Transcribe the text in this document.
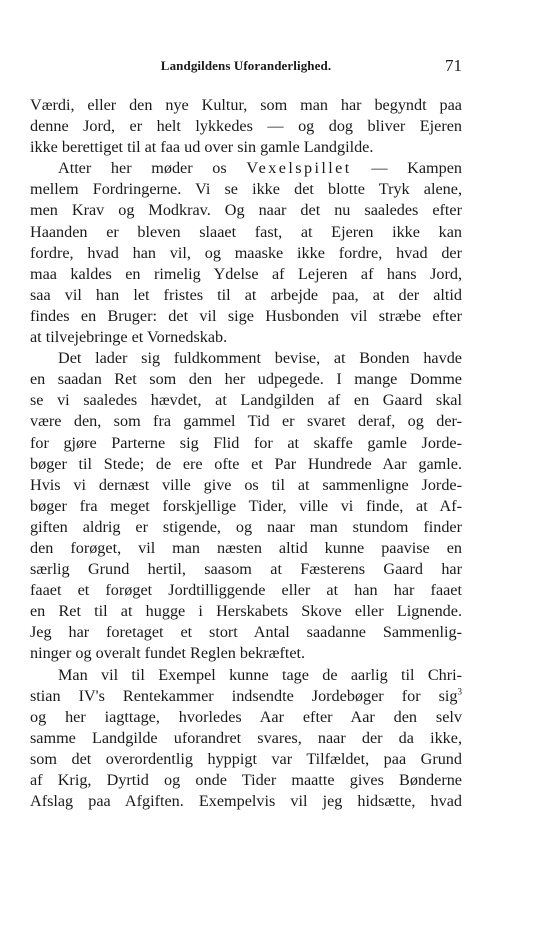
Landgildens Uforanderlighed.	71
Værdi, eller den nye Kultur, som man har begyndt paa
denne Jord, er helt lykkedes — og dog bliver Ejeren
ikke berettiget til at faa ud over sin gamle Landgilde.
Atter her møder os Vexelspillet — Kampen
mellem Fordringerne. Vi se ikke det blotte Tryk alene,
men Krav og Modkrav. Og naar det nu saaledes efter
Haanden er bleven slaaet fast, at Ejeren ikke kan
fordre, hvad han vil, og maaske ikke fordre, hvad der
maa kaldes en rimelig Ydelse af Lejeren af hans Jord,
saa vil han let fristes til at arbejde paa, at der altid
findes en Bruger: det vil sige Husbonden vil stræbe efter
at tilvejebringe et Vornedskab.
Det lader sig fuldkomment bevise, at Bonden havde
en saadan Ret som den her udpegede. I mange Domme
se vi saaledes hævdet, at Landgilden af en Gaard skal
være den, som fra gammel Tid er svaret deraf, og der-
for gjøre Parterne sig Flid for at skaffe gamle Jorde-
bøger til Stede; de ere ofte et Par Hundrede Aar gamle.
Hvis vi dernæst ville give os til at sammenligne Jorde-
bøger fra meget forskjellige Tider, ville vi finde, at Af-
giften aldrig er stigende, og naar man stundom finder
den forøget, vil man næsten altid kunne paavise en
særlig Grund hertil, saasom at Fæsterens Gaard har
faaet et forøget Jordtilliggende eller at han har faaet
en Ret til at hugge i Herskabets Skove eller Lignende.
Jeg har foretaget et stort Antal saadanne Sammenlig-
ninger og overalt fundet Reglen bekræftet.
Man vil til Exempel kunne tage de aarlig til Chri-
stian IV's Rentekammer indsendte Jordebøger for sig$^3$
og her iagttage, hvorledes Aar efter Aar den selv
samme Landgilde uforandret svares, naar der da ikke,
som det overordentlig hyppigt var Tilfældet, paa Grund
af Krig, Dyrtid og onde Tider maatte gives Bønderne
Afslag paa Afgiften. Exempelvis vil jeg hidsætte, hvad
